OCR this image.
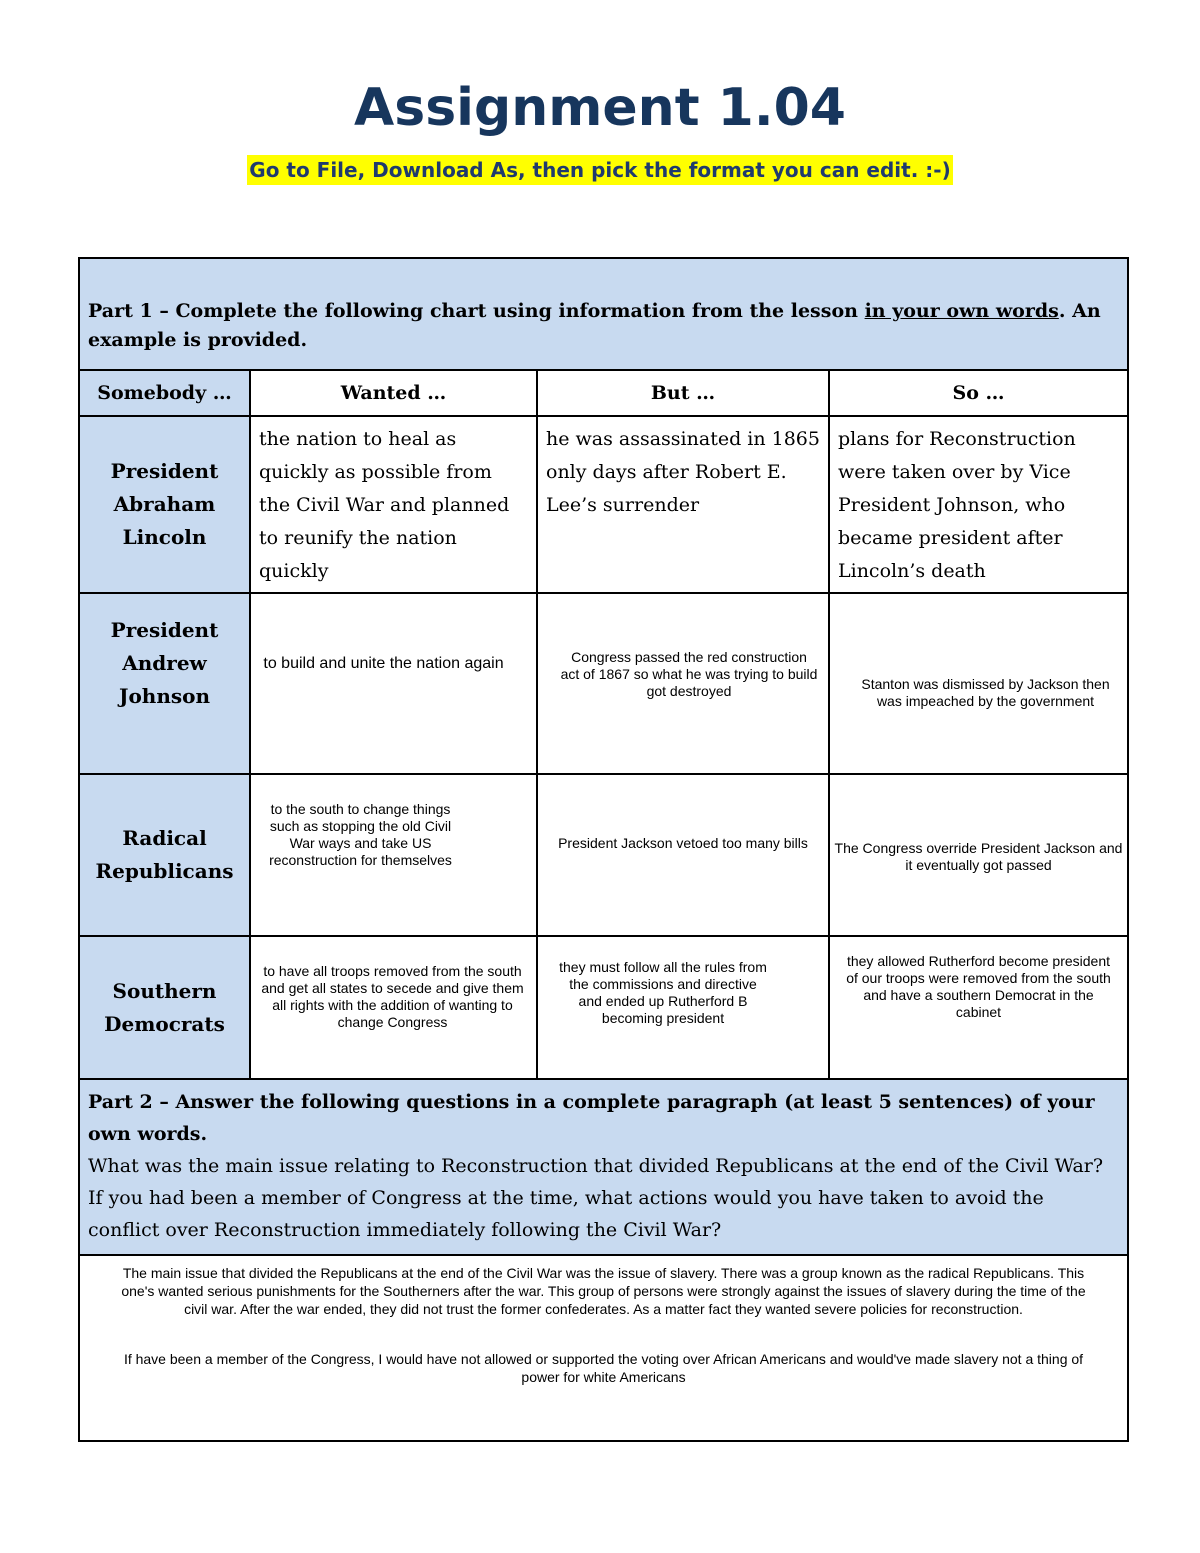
Assignment 1.04
Go to File, Download As, then pick the format you can edit. :-)
Part 1 – Complete the following chart using information from the lesson in your own words. An example is provided.			
Somebody …	Wanted …	But …	So …

President Abraham Lincoln	the nation to heal as quickly as possible from the Civil War and planned to reunify the nation quickly	he was assassinated in 1865 only days after Robert E. Lee’s surrender	plans for Reconstruction were taken over by Vice President Johnson, who became president after Lincoln’s death

President Andrew Johnson	to build and unite the nation again	Congress passed the red construction act of 1867 so what he was trying to build got destroyed	Stanton was dismissed by Jackson then was impeached by the government

Radical Republicans	to the south to change things such as stopping the old Civil War ways and take US reconstruction for themselves	President Jackson vetoed too many bills	The Congress override President Jackson and it eventually got passed

Southern Democrats	to have all troops removed from the south and get all states to secede and give them all rights with the addition of wanting to change Congress	they must follow all the rules from the commissions and directive and ended up Rutherford B becoming president	they allowed Rutherford become president of our troops were removed from the south and have a southern Democrat in the cabinet

Part 2 – Answer the following questions in a complete paragraph (at least 5 sentences) of your own words.
What was the main issue relating to Reconstruction that divided Republicans at the end of the Civil War? If you had been a member of Congress at the time, what actions would you have taken to avoid the conflict over Reconstruction immediately following the Civil War?			

The main issue that divided the Republicans at the end of the Civil War was the issue of slavery. There was a group known as the radical Republicans. This one's wanted serious punishments for the Southerners after the war. This group of persons were strongly against the issues of slavery during the time of the civil war. After the war ended, they did not trust the former confederates. As a matter fact they wanted severe policies for reconstruction.

If have been a member of the Congress, I would have not allowed or supported the voting over African Americans and would've made slavery not a thing of power for white Americans			
